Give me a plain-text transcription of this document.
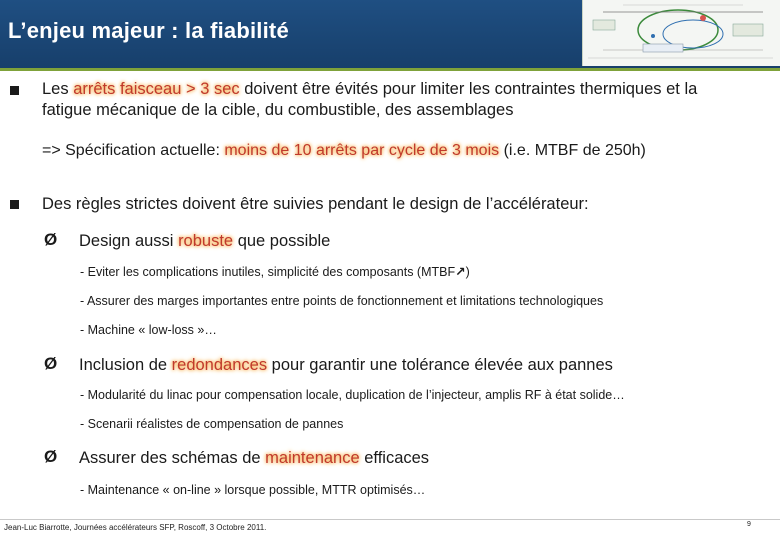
L’enjeu majeur : la fiabilité
Les arrêts faisceau > 3 sec doivent être évités pour limiter les contraintes thermiques et la
fatigue mécanique de la cible, du combustible, des assemblages
=> Spécification actuelle: moins de 10 arrêts par cycle de 3 mois (i.e. MTBF de 250h)
Des règles strictes doivent être suivies pendant le design de l’accélérateur:
Ø Design aussi robuste que possible
- Eviter les complications inutiles, simplicité des composants (MTBF↗)
- Assurer des marges importantes entre points de fonctionnement et limitations technologiques
- Machine « low-loss »…
Ø Inclusion de redondances pour garantir une tolérance élevée aux pannes
- Modularité du linac pour compensation locale, duplication de l’injecteur, amplis RF à état solide…
- Scenarii réalistes de compensation de pannes
Ø Assurer des schémas de maintenance efficaces
- Maintenance « on-line » lorsque possible, MTTR optimisés…
Jean-Luc Biarrotte, Journées accélérateurs SFP, Roscoff, 3 Octobre 2011.	9
